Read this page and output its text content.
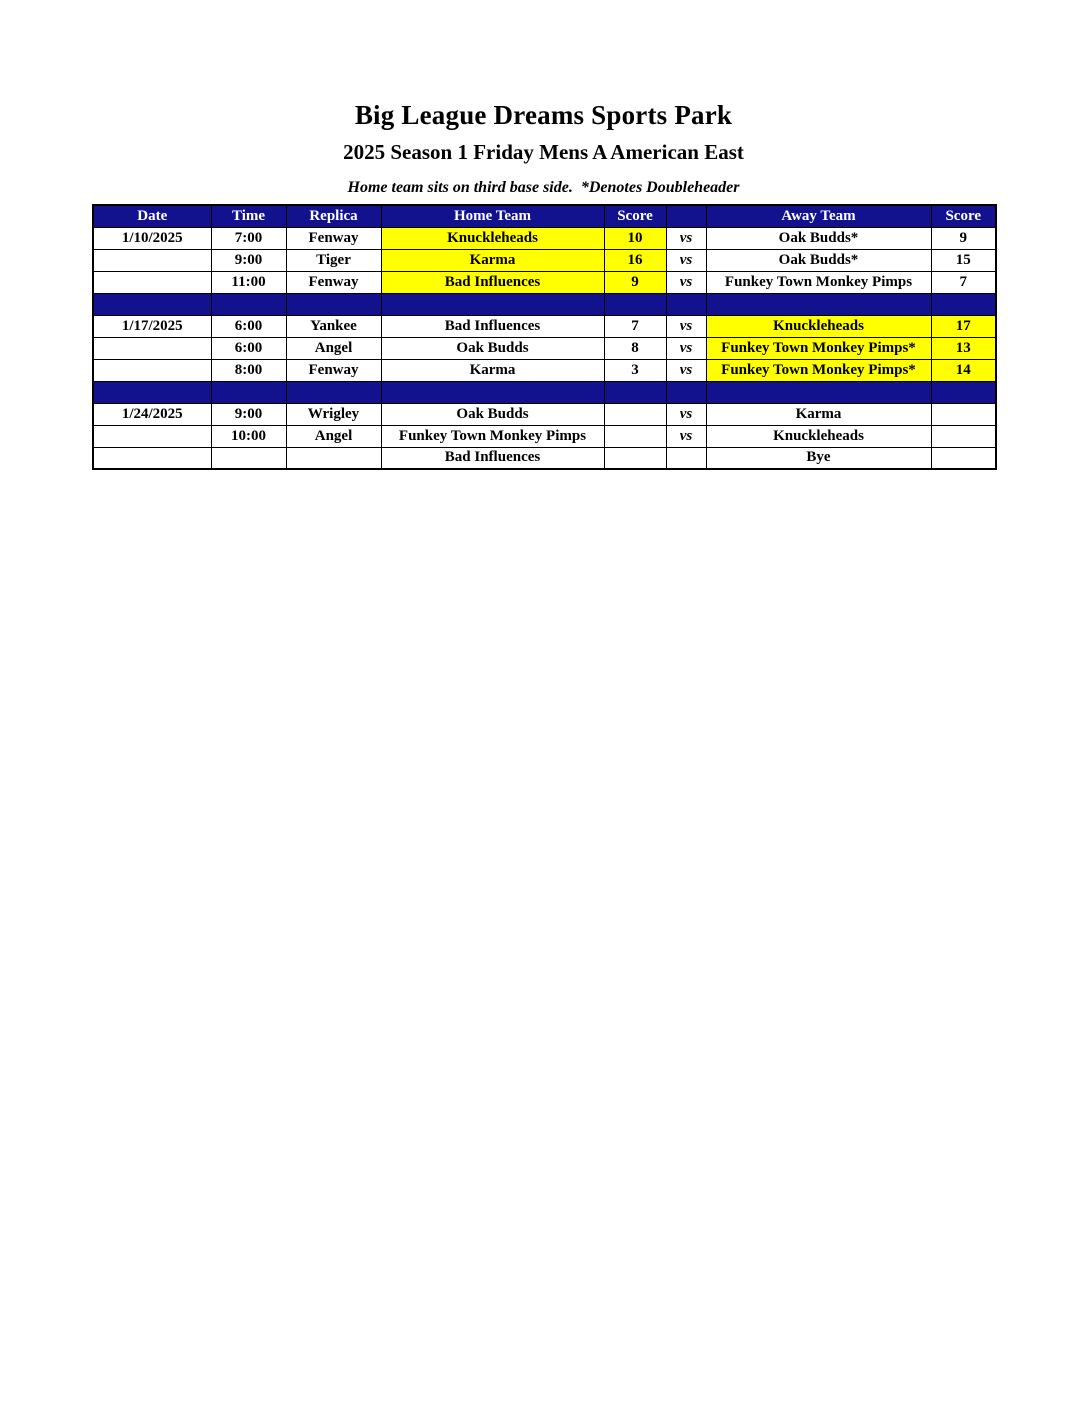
Big League Dreams Sports Park
2025 Season 1 Friday Mens A American East

Home team sits on third base side.  *Denotes Doubleheader

Date	Time	Replica	Home Team	Score		Away Team	Score
1/10/2025	7:00	Fenway	Knuckleheads	10	vs	Oak Budds*	9
	9:00	Tiger	Karma	16	vs	Oak Budds*	15
	11:00	Fenway	Bad Influences	9	vs	Funkey Town Monkey Pimps	7

1/17/2025	6:00	Yankee	Bad Influences	7	vs	Knuckleheads	17
	6:00	Angel	Oak Budds	8	vs	Funkey Town Monkey Pimps*	13
	8:00	Fenway	Karma	3	vs	Funkey Town Monkey Pimps*	14

1/24/2025	9:00	Wrigley	Oak Budds		vs	Karma	
	10:00	Angel	Funkey Town Monkey Pimps		vs	Knuckleheads	
			Bad Influences			Bye	
